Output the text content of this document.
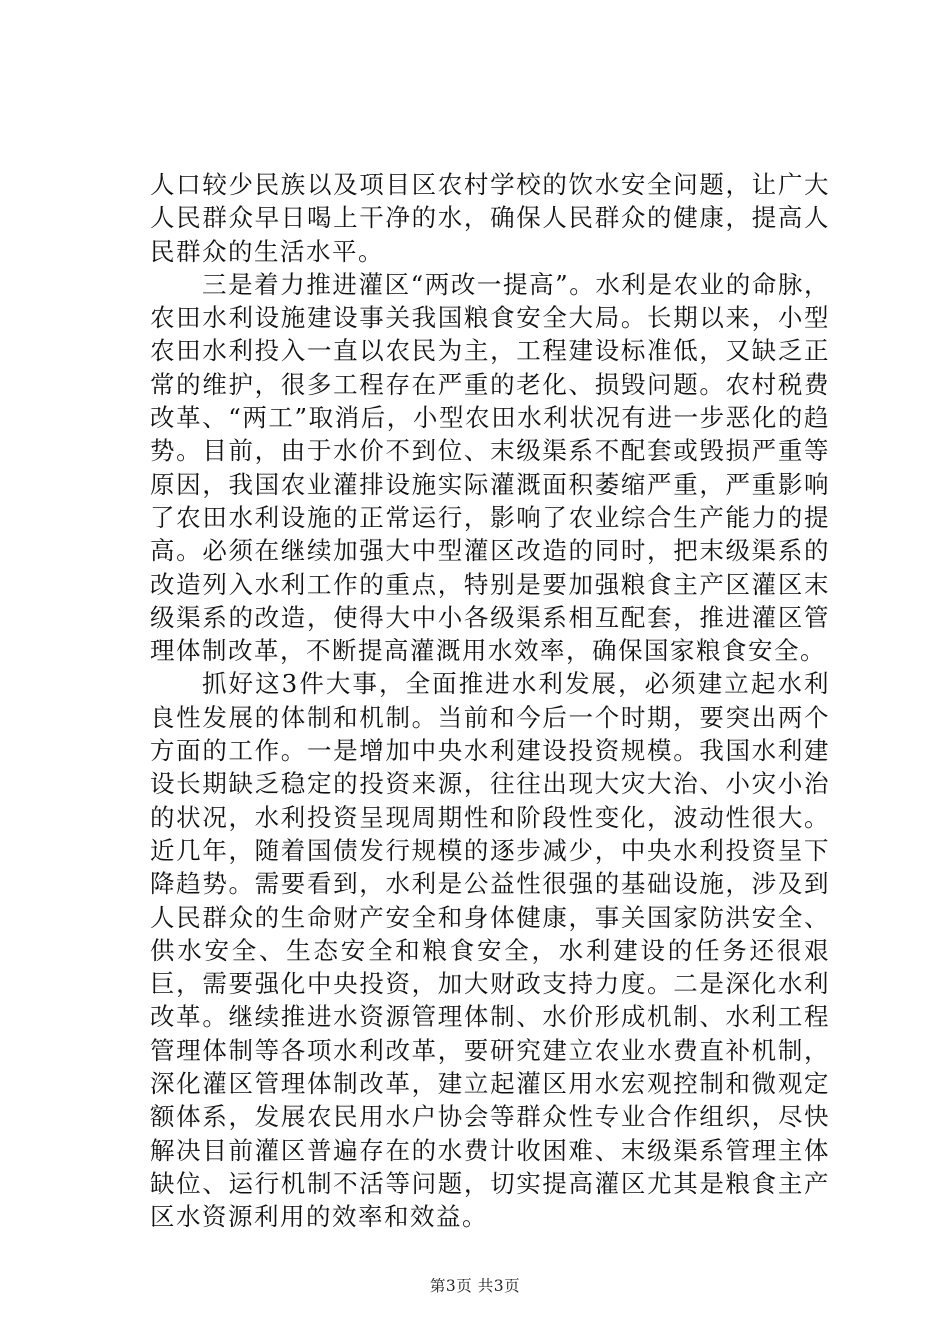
人口较少民族以及项目区农村学校的饮水安全问题，让广大人民群众早日喝上干净的水，确保人民群众的健康，提高人民群众的生活水平。

三是着力推进灌区“两改一提高”。水利是农业的命脉，农田水利设施建设事关我国粮食安全大局。长期以来，小型农田水利投入一直以农民为主，工程建设标准低，又缺乏正常的维护，很多工程存在严重的老化、损毁问题。农村税费改革、“两工”取消后，小型农田水利状况有进一步恶化的趋势。目前，由于水价不到位、末级渠系不配套或毁损严重等原因，我国农业灌排设施实际灌溉面积萎缩严重，严重影响了农田水利设施的正常运行，影响了农业综合生产能力的提高。必须在继续加强大中型灌区改造的同时，把末级渠系的改造列入水利工作的重点，特别是要加强粮食主产区灌区末级渠系的改造，使得大中小各级渠系相互配套，推进灌区管理体制改革，不断提高灌溉用水效率，确保国家粮食安全。

抓好这3件大事，全面推进水利发展，必须建立起水利良性发展的体制和机制。当前和今后一个时期，要突出两个方面的工作。一是增加中央水利建设投资规模。我国水利建设长期缺乏稳定的投资来源，往往出现大灾大治、小灾小治的状况，水利投资呈现周期性和阶段性变化，波动性很大。近几年，随着国债发行规模的逐步减少，中央水利投资呈下降趋势。需要看到，水利是公益性很强的基础设施，涉及到人民群众的生命财产安全和身体健康，事关国家防洪安全、供水安全、生态安全和粮食安全，水利建设的任务还很艰巨，需要强化中央投资，加大财政支持力度。二是深化水利改革。继续推进水资源管理体制、水价形成机制、水利工程管理体制等各项水利改革，要研究建立农业水费直补机制，深化灌区管理体制改革，建立起灌区用水宏观控制和微观定额体系，发展农民用水户协会等群众性专业合作组织，尽快解决目前灌区普遍存在的水费计收困难、末级渠系管理主体缺位、运行机制不活等问题，切实提高灌区尤其是粮食主产区水资源利用的效率和效益。

第3页 共3页
